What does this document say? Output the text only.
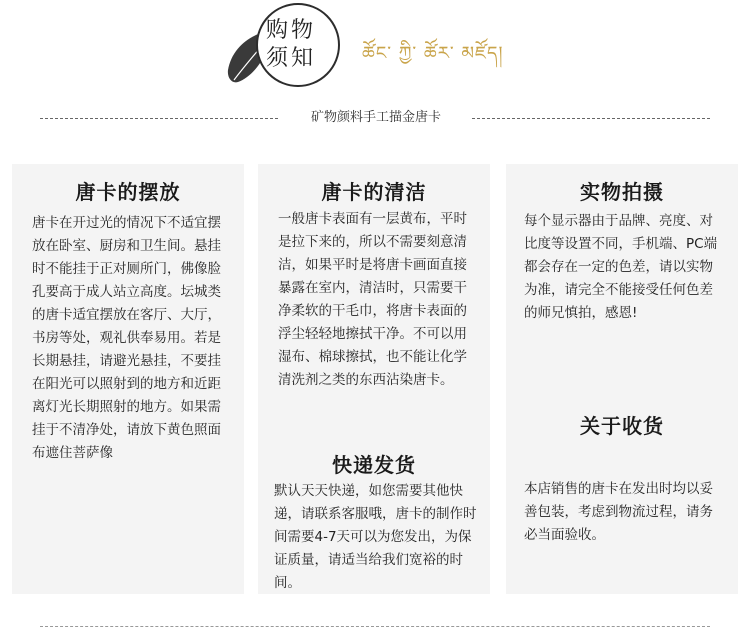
购物
须知	ཚོང་ ཀྱི་ ཚོར་ མཛོད།
矿物颜料手工描金唐卡
唐卡的摆放
唐卡在开过光的情况下不适宜摆放在卧室、厨房和卫生间。悬挂时不能挂于正对厕所门，佛像脸孔要高于成人站立高度。坛城类的唐卡适宜摆放在客厅、大厅，书房等处，观礼供奉易用。若是长期悬挂，请避光悬挂，不要挂在阳光可以照射到的地方和近距离灯光长期照射的地方。如果需挂于不清净处，请放下黄色照面布遮住菩萨像
唐卡的清洁
一般唐卡表面有一层黄布，平时是拉下来的，所以不需要刻意清洁，如果平时是将唐卡画面直接暴露在室内，清洁时，只需要干净柔软的干毛巾，将唐卡表面的浮尘轻轻地擦拭干净。不可以用湿布、棉球擦拭，也不能让化学清洗剂之类的东西沾染唐卡。
快递发货
默认天天快递，如您需要其他快递，请联系客服哦，唐卡的制作时间需要4-7天可以为您发出，为保证质量，请适当给我们宽裕的时间。
实物拍摄
每个显示器由于品牌、亮度、对比度等设置不同，手机端、PC端都会存在一定的色差，请以实物为准，请完全不能接受任何色差的师兄慎拍，感恩!
关于收货
本店销售的唐卡在发出时均以妥善包装，考虑到物流过程，请务必当面验收。
